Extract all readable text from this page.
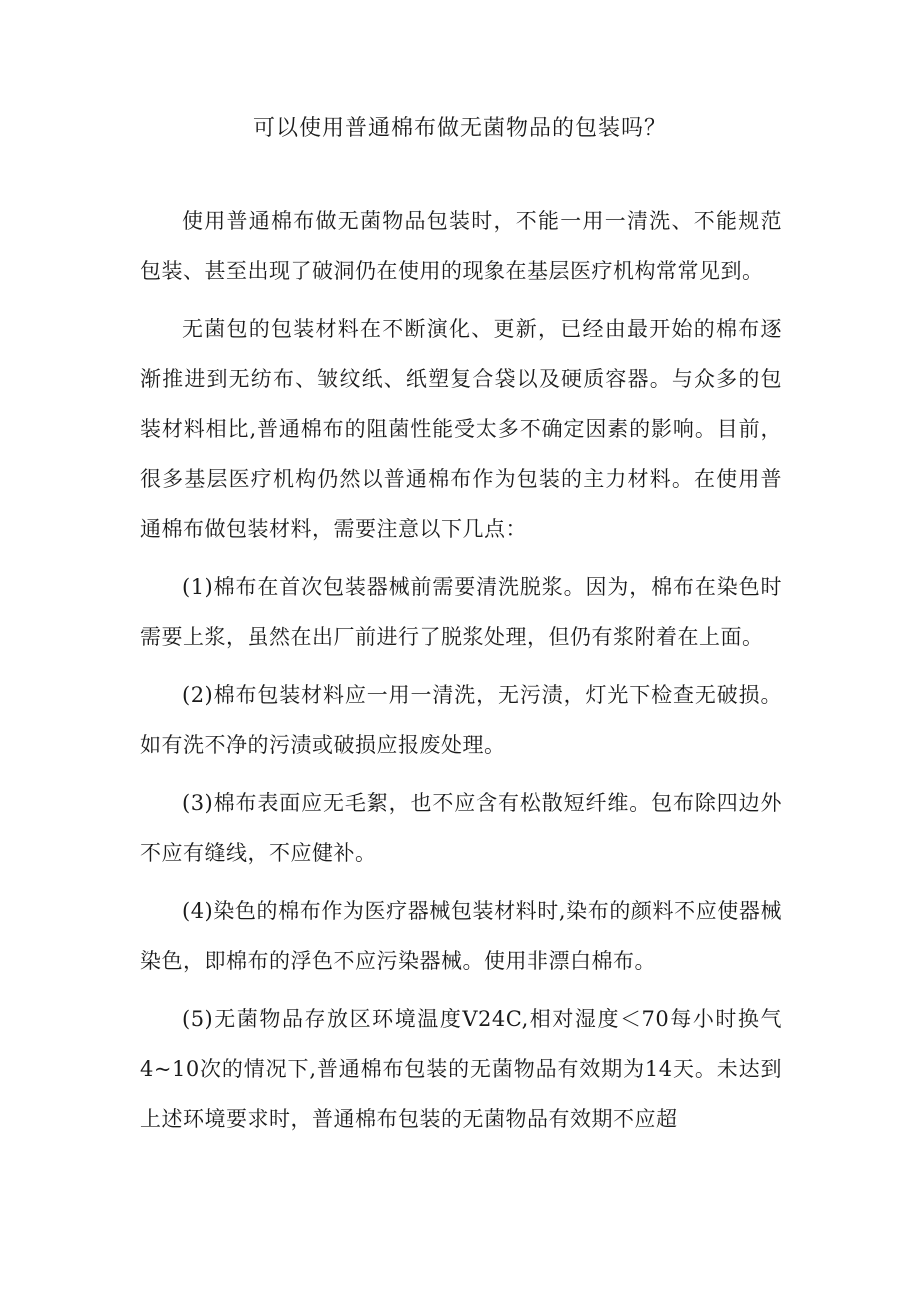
可以使用普通棉布做无菌物品的包装吗？

使用普通棉布做无菌物品包装时，不能一用一清洗、不能规范包装、甚至出现了破洞仍在使用的现象在基层医疗机构常常见到。

无菌包的包装材料在不断演化、更新，已经由最开始的棉布逐渐推进到无纺布、皱纹纸、纸塑复合袋以及硬质容器。与众多的包装材料相比,普通棉布的阻菌性能受太多不确定因素的影响。目前，很多基层医疗机构仍然以普通棉布作为包装的主力材料。在使用普通棉布做包装材料，需要注意以下几点：

(1)棉布在首次包装器械前需要清洗脱浆。因为，棉布在染色时需要上浆，虽然在出厂前进行了脱浆处理，但仍有浆附着在上面。

(2)棉布包装材料应一用一清洗，无污渍，灯光下检查无破损。如有洗不净的污渍或破损应报废处理。

(3)棉布表面应无毛絮，也不应含有松散短纤维。包布除四边外不应有缝线，不应健补。

(4)染色的棉布作为医疗器械包装材料时,染布的颜料不应使器械染色，即棉布的浮色不应污染器械。使用非漂白棉布。

(5)无菌物品存放区环境温度V24C,相对湿度＜70每小时换气4~10次的情况下,普通棉布包装的无菌物品有效期为14天。未达到上述环境要求时，普通棉布包装的无菌物品有效期不应超
